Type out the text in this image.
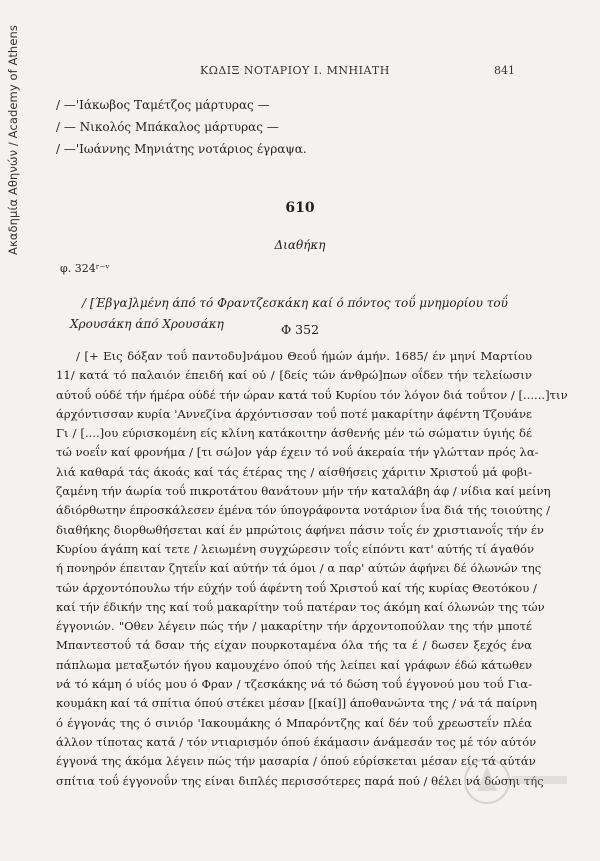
Ακαδημία Αθηνών / Academy of Athens	ΚΩΔΙΞ ΝΟΤΑΡΙΟΥ Ι. ΜΝΗΙΑΤΗ	841
/ —'Ιάκωβος Ταμέτζος μάρτυρας —
/ — Νικολός Μπάκαλος μάρτυρας —
/ —'Ιωάννης Μηνιάτης νοτάριος έγραψα.
610
Διαθήκη
φ. 324ʳ⁻ᵛ
/ [Έβγα]λμένη άπό τό Φραντζεσκάκη καί ό πόντος τοΰ μνημορίου τοΰ Χρουσάκη άπό Χρουσάκη	Φ 352
/ [+ Εις δόξαν τοΰ παντοδυ]νάμου Θεοΰ ήμών άμήν. 1685/ έν μηνί Μαρτίου
11/ κατά τό παλαιόν έπειδή καί ού / [δείς τών άνθρώ]πων οΐδεν τήν τελείωσιν
αύτοΰ ούδέ τήν ήμέρα ούδέ τήν ώραν κατά τοΰ Κυρίου τόν λόγον διά τοΰτον / [......]τιν
άρχόντισσαν κυρία 'Αννεζίνα άρχόντισσαν τοΰ ποτέ μακαρίτην άφέντη Τζουάνε
Γι / [....]ου εύρισκομένη είς κλίνη κατάκοιτην άσθενής μέν τώ σώματιν ύγιής δέ
τώ νοεΐν καί φρονήμα / [τι σώ]ον γάρ έχειν τό νοΰ άκεραία τήν γλώτταν πρός λα-
λιά καθαρά τάς άκοάς καί τάς έτέρας της / αίσθήσεις χάριτιν Χριστοΰ μά φοβι-
ζαμένη τήν άωρία τοΰ πικροτάτου θανάτουν μήν τήν καταλάβη άφ / νίδια καί μείνη
άδιόρθωτην έπροσκάλεσεν έμένα τόν ύπογράφοντα νοτάριον ΐνα διά τής τοιούτης /
διαθήκης διορθωθήσεται καί έν μπρώτοις άφήνει πάσιν τοΐς έν χριστιανοΐς τήν έν
Κυρίου άγάπη καί τετε / λειωμένη συγχώρεσιν τοΐς είπόντι κατ' αύτής τί άγαθόν
ή πονηρόν έπειταν ζητεΐν καί αύτήν τά όμοι / α παρ' αύτών άφήνει δέ όλωνών της
τών άρχοντόπουλω τήν εύχήν τοΰ άφέντη τοΰ Χριστοΰ καί τής κυρίας Θεοτόκου /
καί τήν έδικήν της καί τοΰ μακαρίτην τοΰ πατέραν τος άκόμη καί όλωνών της τών
έγγονιών. "Οθεν λέγειν πώς τήν / μακαρίτην τήν άρχοντοπούλαν της τήν μποτέ
Μπαντεστοΰ τά δσαν τής είχαν πουρκοταμένα όλα τής τα έ / δωσεν ξεχός ένα
πάπλωμα μεταξωτόν ήγου καμουχένο όπού τής λείπει καί γράφων έδώ κάτωθεν
νά τό κάμη ό υίός μου ό Φραν / τζεσκάκης νά τό δώση τοΰ έγγονού μου τοΰ Για-
κουμάκη καί τά σπίτια όπού στέκει μέσαν [[καί]] άποθανώντα της / νά τά παίρνη
ό έγγονάς της ό σινιόρ 'Ιακουμάκης ό Μπαρόντζης καί δέν τοΰ χρεωστεΐν πλέα
άλλον τίποτας κατά / τόν ντιαρισμόν όπού έκάμασιν άνάμεσάν τος μέ τόν αύτόν
έγγονά της άκόμα λέγειν πώς τήν μασαρία / όπού εύρίσκεται μέσαν είς τά αύτάν
σπίτια τοΰ έγγονοΰν της είναι διπλές περισσότερες παρά πού / θέλει νά δώσηι τής
